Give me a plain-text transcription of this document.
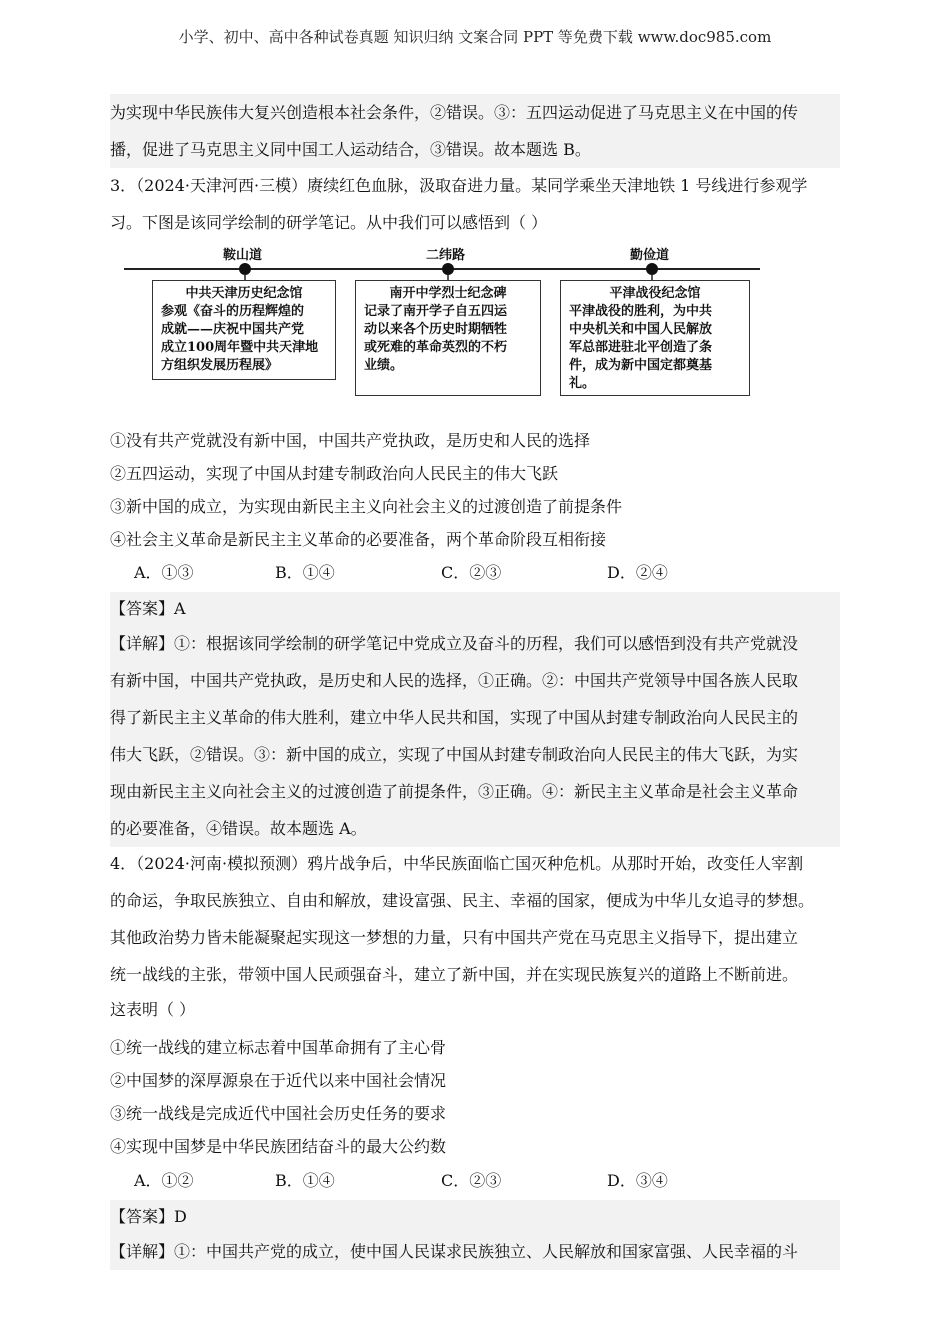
小学、初中、高中各种试卷真题 知识归纳 文案合同 PPT 等免费下载 www.doc985.com
为实现中华民族伟大复兴创造根本社会条件，②错误。③：五四运动促进了马克思主义在中国的传
播，促进了马克思主义同中国工人运动结合，③错误。故本题选 B。
3．（2024·天津河西·三模）赓续红色血脉，汲取奋进力量。某同学乘坐天津地铁 1 号线进行参观学
习。下图是该同学绘制的研学笔记。从中我们可以感悟到（ ）
鞍山道	二纬路	勤俭道
中共天津历史纪念馆
参观《奋斗的历程辉煌的
成就——庆祝中国共产党
成立100周年暨中共天津地
方组织发展历程展》
南开中学烈士纪念碑
记录了南开学子自五四运
动以来各个历史时期牺牲
或死难的革命英烈的不朽
业绩。
平津战役纪念馆
平津战役的胜利，为中共
中央机关和中国人民解放
军总部进驻北平创造了条
件，成为新中国定都奠基
礼。
①没有共产党就没有新中国，中国共产党执政，是历史和人民的选择
②五四运动，实现了中国从封建专制政治向人民民主的伟大飞跃
③新中国的成立，为实现由新民主主义向社会主义的过渡创造了前提条件
④社会主义革命是新民主主义革命的必要准备，两个革命阶段互相衔接
A．①③	B．①④	C．②③	D．②④
【答案】A
【详解】①：根据该同学绘制的研学笔记中党成立及奋斗的历程，我们可以感悟到没有共产党就没
有新中国，中国共产党执政，是历史和人民的选择，①正确。②：中国共产党领导中国各族人民取
得了新民主主义革命的伟大胜利，建立中华人民共和国，实现了中国从封建专制政治向人民民主的
伟大飞跃，②错误。③：新中国的成立，实现了中国从封建专制政治向人民民主的伟大飞跃，为实
现由新民主主义向社会主义的过渡创造了前提条件，③正确。④：新民主主义革命是社会主义革命
的必要准备，④错误。故本题选 A。
4．（2024·河南·模拟预测）鸦片战争后，中华民族面临亡国灭种危机。从那时开始，改变任人宰割
的命运，争取民族独立、自由和解放，建设富强、民主、幸福的国家，便成为中华儿女追寻的梦想。
其他政治势力皆未能凝聚起实现这一梦想的力量，只有中国共产党在马克思主义指导下，提出建立
统一战线的主张，带领中国人民顽强奋斗，建立了新中国，并在实现民族复兴的道路上不断前进。
这表明（ ）
①统一战线的建立标志着中国革命拥有了主心骨
②中国梦的深厚源泉在于近代以来中国社会情况
③统一战线是完成近代中国社会历史任务的要求
④实现中国梦是中华民族团结奋斗的最大公约数
A．①②	B．①④	C．②③	D．③④
【答案】D
【详解】①：中国共产党的成立，使中国人民谋求民族独立、人民解放和国家富强、人民幸福的斗
